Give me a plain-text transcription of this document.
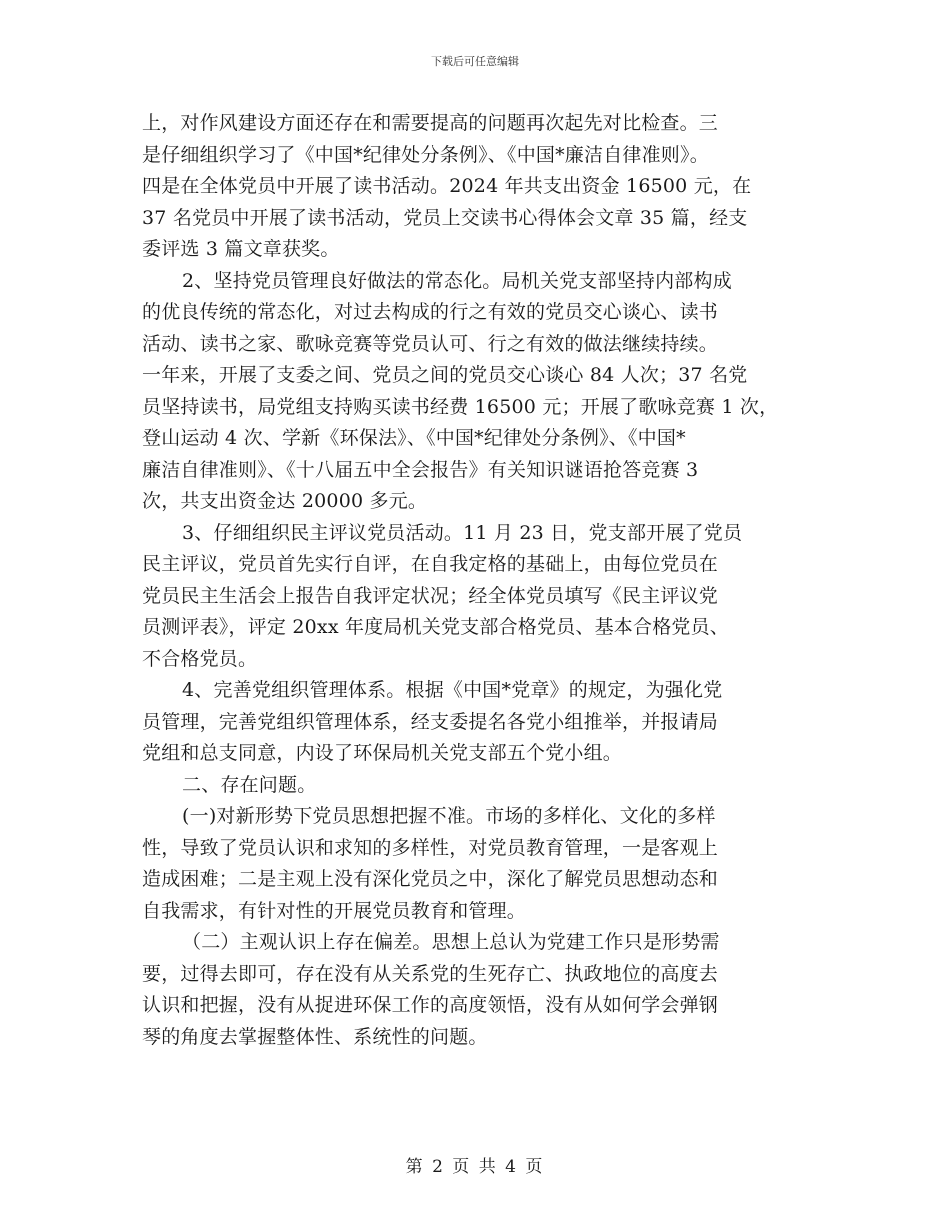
下载后可任意编辑

上，对作风建设方面还存在和需要提高的问题再次起先对比检查。三
是仔细组织学习了《中国*纪律处分条例》、《中国*廉洁自律准则》。
四是在全体党员中开展了读书活动。2024 年共支出资金 16500 元，在
37 名党员中开展了读书活动，党员上交读书心得体会文章 35 篇，经支
委评选 3 篇文章获奖。

2、坚持党员管理良好做法的常态化。局机关党支部坚持内部构成
的优良传统的常态化，对过去构成的行之有效的党员交心谈心、读书
活动、读书之家、歌咏竞赛等党员认可、行之有效的做法继续持续。
一年来，开展了支委之间、党员之间的党员交心谈心 84 人次；37 名党
员坚持读书，局党组支持购买读书经费 16500 元；开展了歌咏竞赛 1 次，
登山运动 4 次、学新《环保法》、《中国*纪律处分条例》、《中国*
廉洁自律准则》、《十八届五中全会报告》有关知识谜语抢答竞赛 3
次，共支出资金达 20000 多元。

3、仔细组织民主评议党员活动。11 月 23 日，党支部开展了党员
民主评议，党员首先实行自评，在自我定格的基础上，由每位党员在
党员民主生活会上报告自我评定状况；经全体党员填写《民主评议党
员测评表》，评定 20xx 年度局机关党支部合格党员、基本合格党员、
不合格党员。

4、完善党组织管理体系。根据《中国*党章》的规定，为强化党
员管理，完善党组织管理体系，经支委提名各党小组推举，并报请局
党组和总支同意，内设了环保局机关党支部五个党小组。

二、存在问题。

(一)对新形势下党员思想把握不准。市场的多样化、文化的多样
性，导致了党员认识和求知的多样性，对党员教育管理，一是客观上
造成困难；二是主观上没有深化党员之中，深化了解党员思想动态和
自我需求，有针对性的开展党员教育和管理。

（二）主观认识上存在偏差。思想上总认为党建工作只是形势需
要，过得去即可，存在没有从关系党的生死存亡、执政地位的高度去
认识和把握，没有从捉进环保工作的高度领悟，没有从如何学会弹钢
琴的角度去掌握整体性、系统性的问题。

第 2 页 共 4 页
